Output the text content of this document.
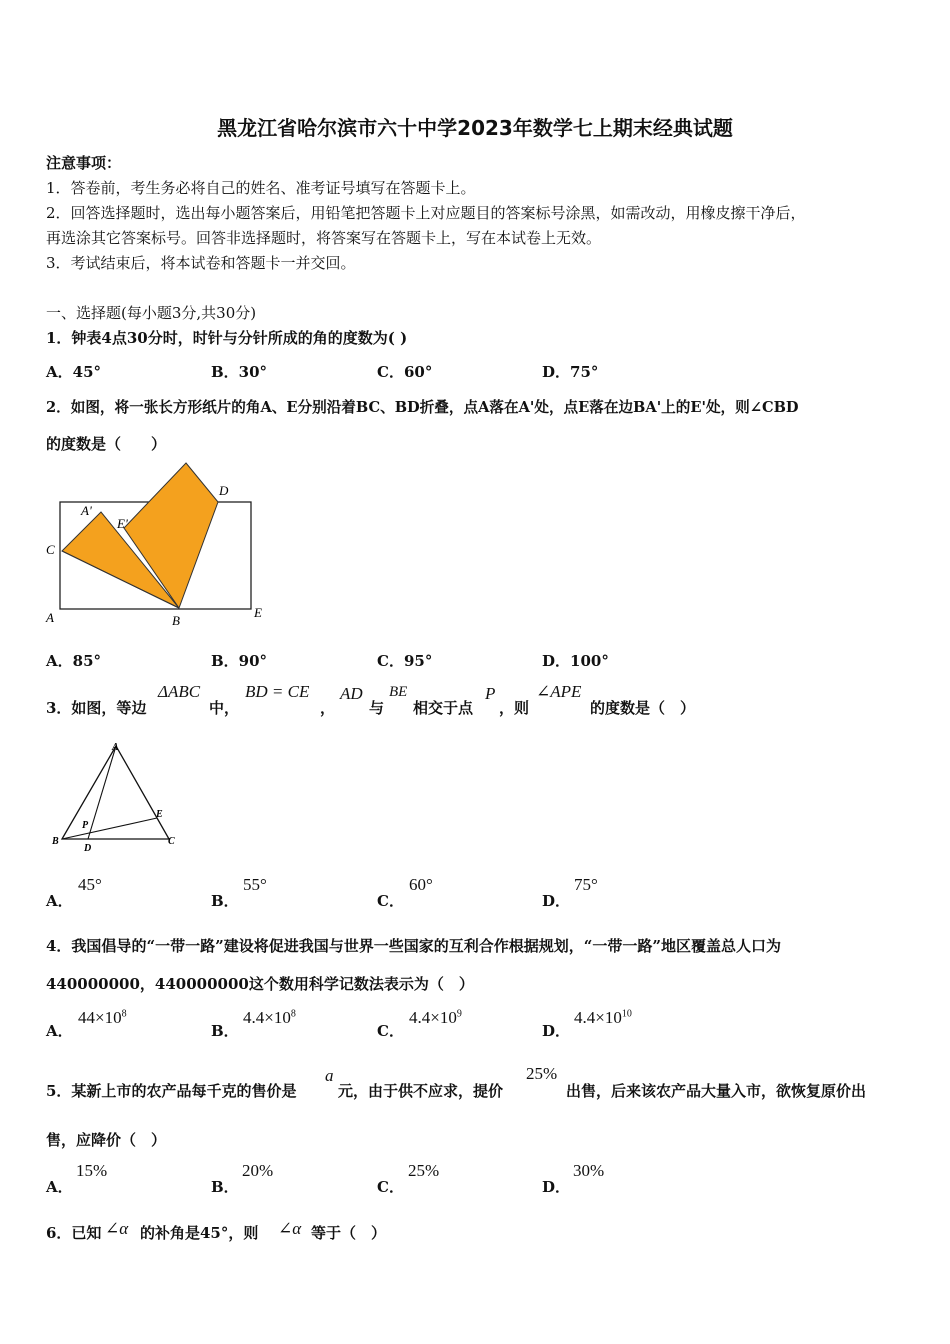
黑龙江省哈尔滨市六十中学2023年数学七上期末经典试题
注意事项：
1．答卷前，考生务必将自己的姓名、准考证号填写在答题卡上。
2．回答选择题时，选出每小题答案后，用铅笔把答题卡上对应题目的答案标号涂黑，如需改动，用橡皮擦干净后，
再选涂其它答案标号。回答非选择题时，将答案写在答题卡上，写在本试卷上无效。
3．考试结束后，将本试卷和答题卡一并交回。
一、选择题(每小题3分,共30分)
1．钟表4点30分时，时针与分针所成的角的度数为( )
A．45°	B．30°	C．60°	D．75°
2．如图，将一张长方形纸片的角A、E分别沿着BC、BD折叠，点A落在A'处，点E落在边BA'上的E'处，则∠CBD
的度数是（　　）
C
A	B
E
D
A'
E'
A．85°	B．90°	C．95°	D．100°
3．如图，等边
ΔABC
中，
BD = CE
，
AD
与
BE
相交于点
P
，则
∠APE
的度数是（　）
A
B	C
D
E
P
A．
45°
B．
55°
C．
60°
D．
75°
4．我国倡导的“一带一路”建设将促进我国与世界一些国家的互利合作根据规划，“一带一路”地区覆盖总人口为
440000000，440000000这个数用科学记数法表示为（　）
A．
$44\times 10^8$
B．
$4.4\times 10^8$
C．
$4.4\times 10^9$
D．
$4.4\times 10^{10}$
5．某新上市的农产品每千克的售价是
a
元，由于供不应求，提价
25%
出售，后来该农产品大量入市，欲恢复原价出
售，应降价（　）
A．
15%
B．
20%
C．
25%
D．
30%
6．已知 ∠α 的补角是45°，则 ∠α 等于（　）
